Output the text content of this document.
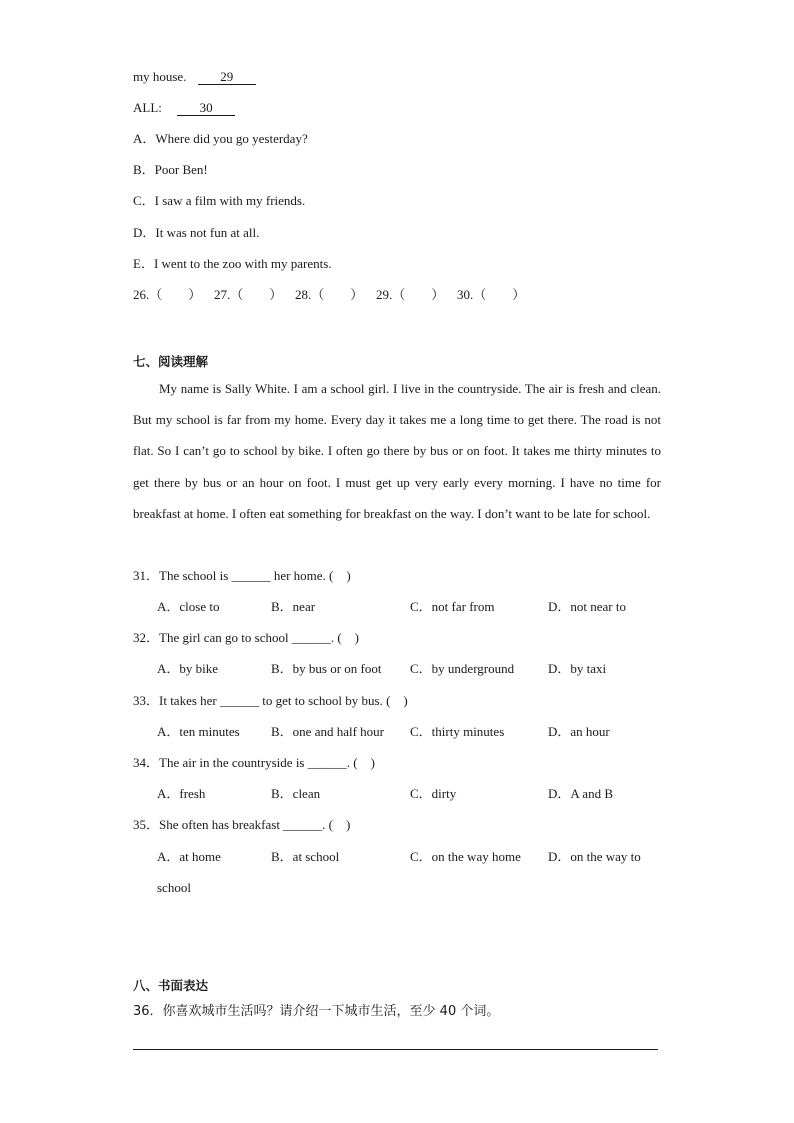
my house.	29
ALL:	30
A．Where did you go yesterday?
B．Poor Ben!
C．I saw a film with my friends.
D．It was not fun at all.
E．I went to the zoo with my parents.
26.（　　） 27.（　　） 28.（　　） 29.（　　） 30.（　　）
七、阅读理解
My name is Sally White. I am a school girl. I live in the countryside. The air is fresh and clean. But my school is far from my home. Every day it takes me a long time to get there. The road is not flat. So I can’t go to school by bike. I often go there by bus or on foot. It takes me thirty minutes to get there by bus or an hour on foot. I must get up very early every morning. I have no time for breakfast at home. I often eat something for breakfast on the way. I don’t want to be late for school.
31．The school is ______ her home. (　)
A．close to	B．near	C．not far from	D．not near to
32．The girl can go to school ______. (　)
A．by bike	B．by bus or on foot C．by underground	D．by taxi
33．It takes her ______ to get to school by bus. (　)
A．ten minutes B．one and half hour C．thirty minutes	D．an hour
34．The air in the countryside is ______. (　)
A．fresh	B．clean	C．dirty	D．A and B
35．She often has breakfast ______. (　)
A．at home	B．at school	C．on the way home D．on the way to
school
八、书面表达
36．你喜欢城市生活吗？请介绍一下城市生活，至少 40 个词。
